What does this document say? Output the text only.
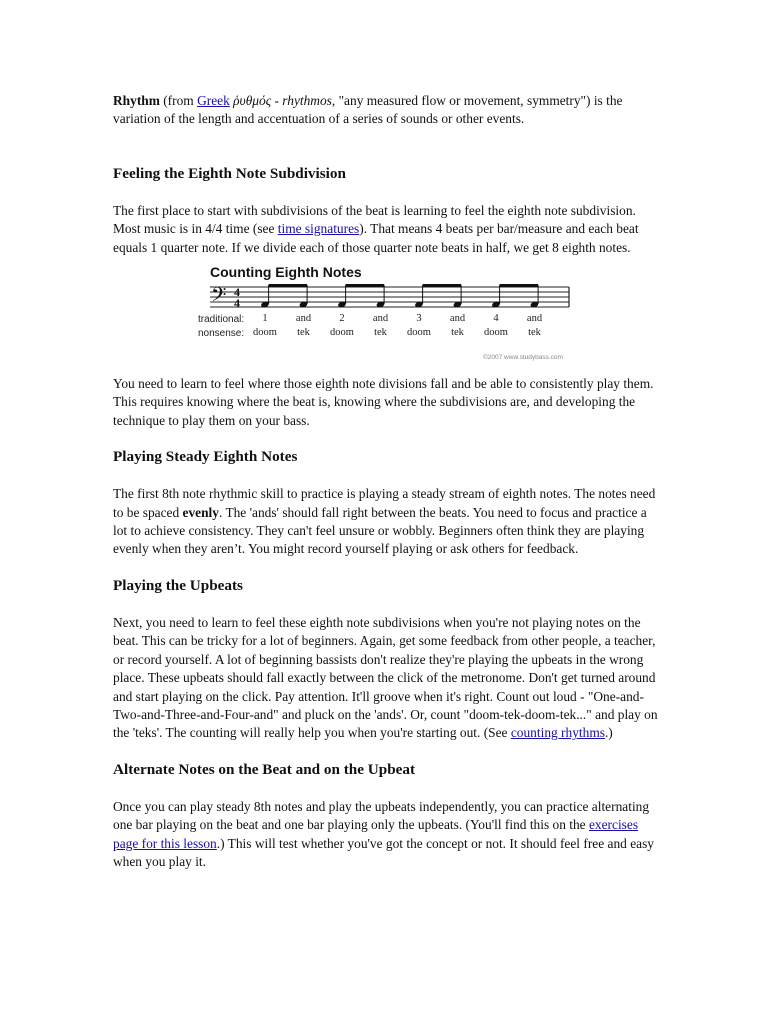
Rhythm (from Greek ῥυθμός - rhythmos, "any measured flow or movement, symmetry") is the variation of the length and accentuation of a series of sounds or other events.

Feeling the Eighth Note Subdivision

The first place to start with subdivisions of the beat is learning to feel the eighth note subdivision. Most music is in 4/4 time (see time signatures). That means 4 beats per bar/measure and each beat equals 1 quarter note. If we divide each of those quarter note beats in half, we get 8 eighth notes.

Counting Eighth Notes
𝄢 4
4
traditional:
nonsense:
©2007 www.studybass.com
1
doom
and
tek
2
doom
and
tek
3
doom
and
tek
4
doom
and
tek

You need to learn to feel where those eighth note divisions fall and be able to consistently play them. This requires knowing where the beat is, knowing where the subdivisions are, and developing the technique to play them on your bass.

Playing Steady Eighth Notes

The first 8th note rhythmic skill to practice is playing a steady stream of eighth notes. The notes need to be spaced evenly. The 'ands' should fall right between the beats. You need to focus and practice a lot to achieve consistency. They can't feel unsure or wobbly. Beginners often think they are playing evenly when they aren’t. You might record yourself playing or ask others for feedback.

Playing the Upbeats

Next, you need to learn to feel these eighth note subdivisions when you're not playing notes on the beat. This can be tricky for a lot of beginners. Again, get some feedback from other people, a teacher, or record yourself. A lot of beginning bassists don't realize they're playing the upbeats in the wrong place. These upbeats should fall exactly between the click of the metronome. Don't get turned around and start playing on the click. Pay attention. It'll groove when it's right. Count out loud - "One-and-Two-and-Three-and-Four-and" and pluck on the 'ands'. Or, count "doom-tek-doom-tek..." and play on the 'teks'. The counting will really help you when you're starting out. (See counting rhythms.)

Alternate Notes on the Beat and on the Upbeat

Once you can play steady 8th notes and play the upbeats independently, you can practice alternating one bar playing on the beat and one bar playing only the upbeats. (You'll find this on the exercises page for this lesson.) This will test whether you've got the concept or not. It should feel free and easy when you play it.
